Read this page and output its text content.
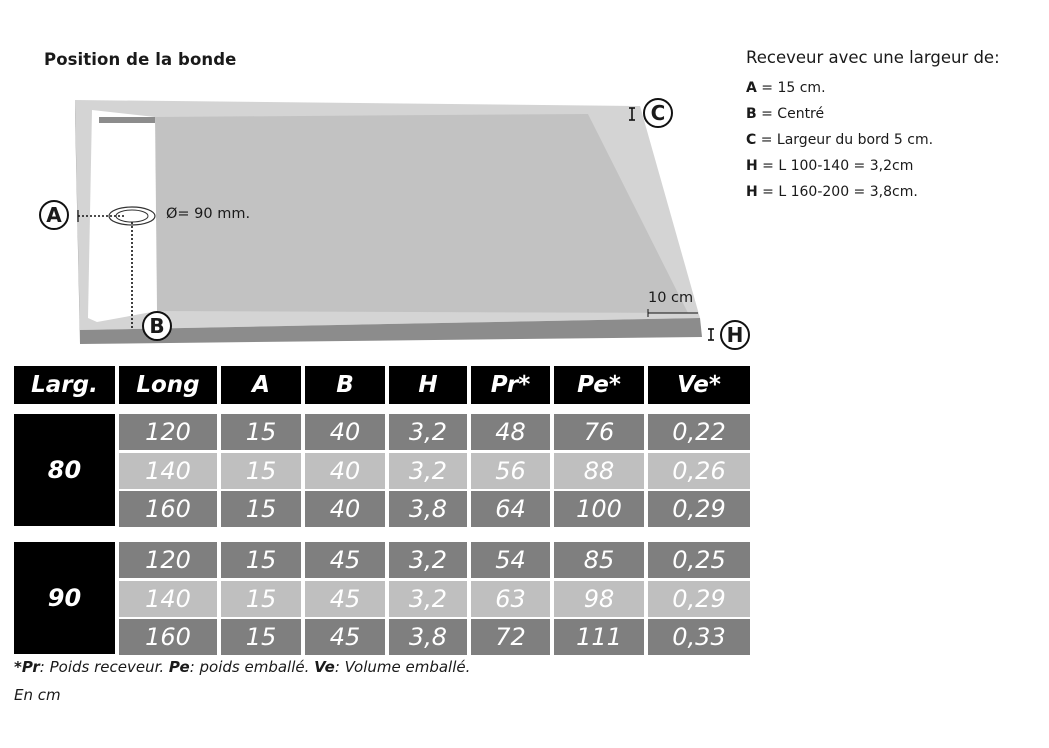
Position de la bonde
Ø= 90 mm.
10 cm
A
B
C
H
Receveur avec une largeur de:
A = 15 cm.
B = Centré
C = Largeur du bord 5 cm.
H = L 100-140 = 3,2cm
H = L 160-200 = 3,8cm.
Larg.	Long	A	B	H	Pr*	Pe*	Ve*
80
120	15	40	3,2	48	76	0,22
140	15	40	3,2	56	88	0,26
160	15	40	3,8	64	100	0,29
90
120	15	45	3,2	54	85	0,25
140	15	45	3,2	63	98	0,29
160	15	45	3,8	72	111	0,33
*Pr: Poids receveur. Pe: poids emballé. Ve: Volume emballé.
En cm
